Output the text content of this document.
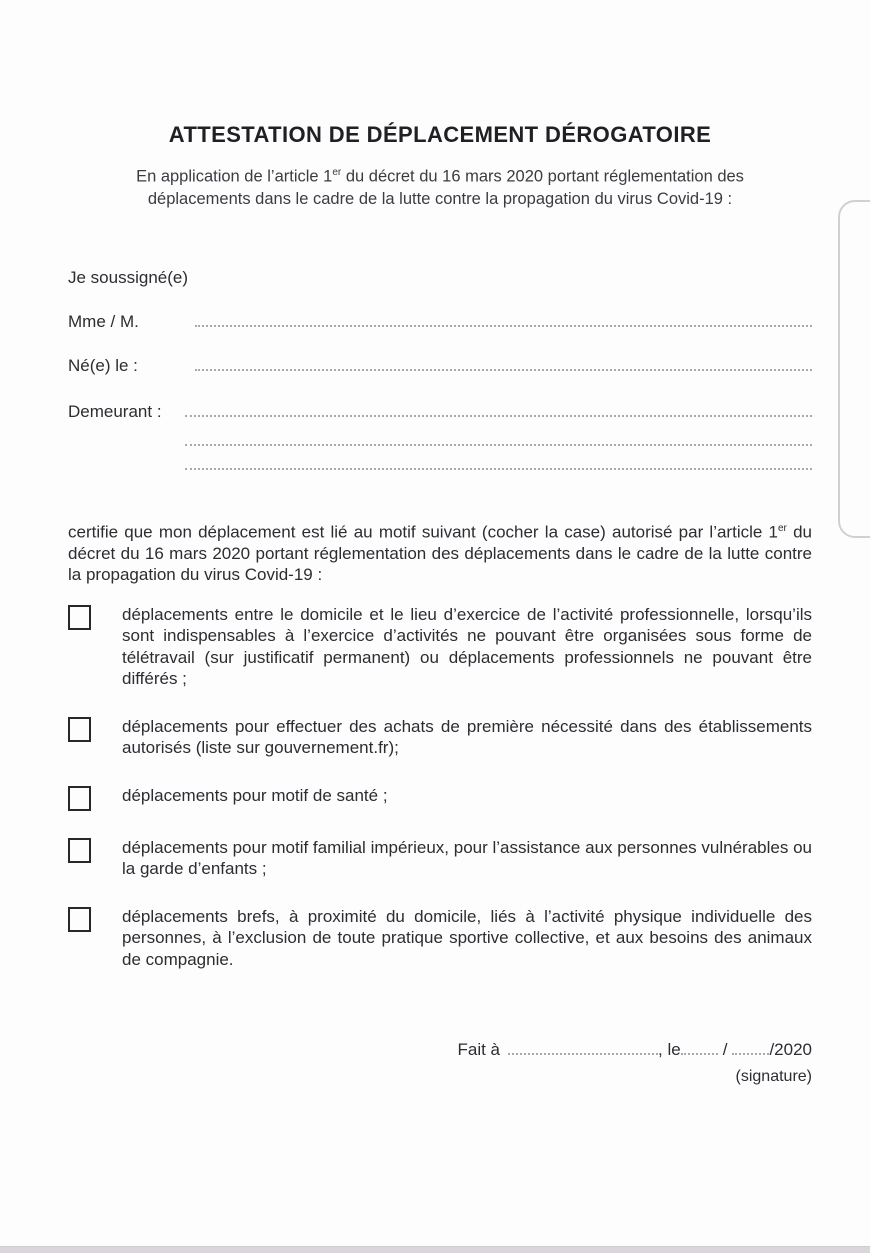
ATTESTATION DE DÉPLACEMENT DÉROGATOIRE

En application de l’article 1er du décret du 16 mars 2020 portant réglementation des déplacements dans le cadre de la lutte contre la propagation du virus Covid-19 :

Je soussigné(e)
Mme / M.
Né(e) le :
Demeurant :

certifie que mon déplacement est lié au motif suivant (cocher la case) autorisé par l’article 1er du décret du 16 mars 2020 portant réglementation des déplacements dans le cadre de la lutte contre la propagation du virus Covid-19 :

déplacements entre le domicile et le lieu d’exercice de l’activité professionnelle, lorsqu’ils sont indispensables à l’exercice d’activités ne pouvant être organisées sous forme de télétravail (sur justificatif permanent) ou déplacements professionnels ne pouvant être différés ;

déplacements pour effectuer des achats de première nécessité dans des établissements autorisés (liste sur gouvernement.fr);

déplacements pour motif de santé ;

déplacements pour motif familial impérieux, pour l’assistance aux personnes vulnérables ou la garde d’enfants ;

déplacements brefs, à proximité du domicile, liés à l’activité physique individuelle des personnes, à l’exclusion de toute pratique sportive collective, et aux besoins des animaux de compagnie.

Fait à	, le / /2020
(signature)
